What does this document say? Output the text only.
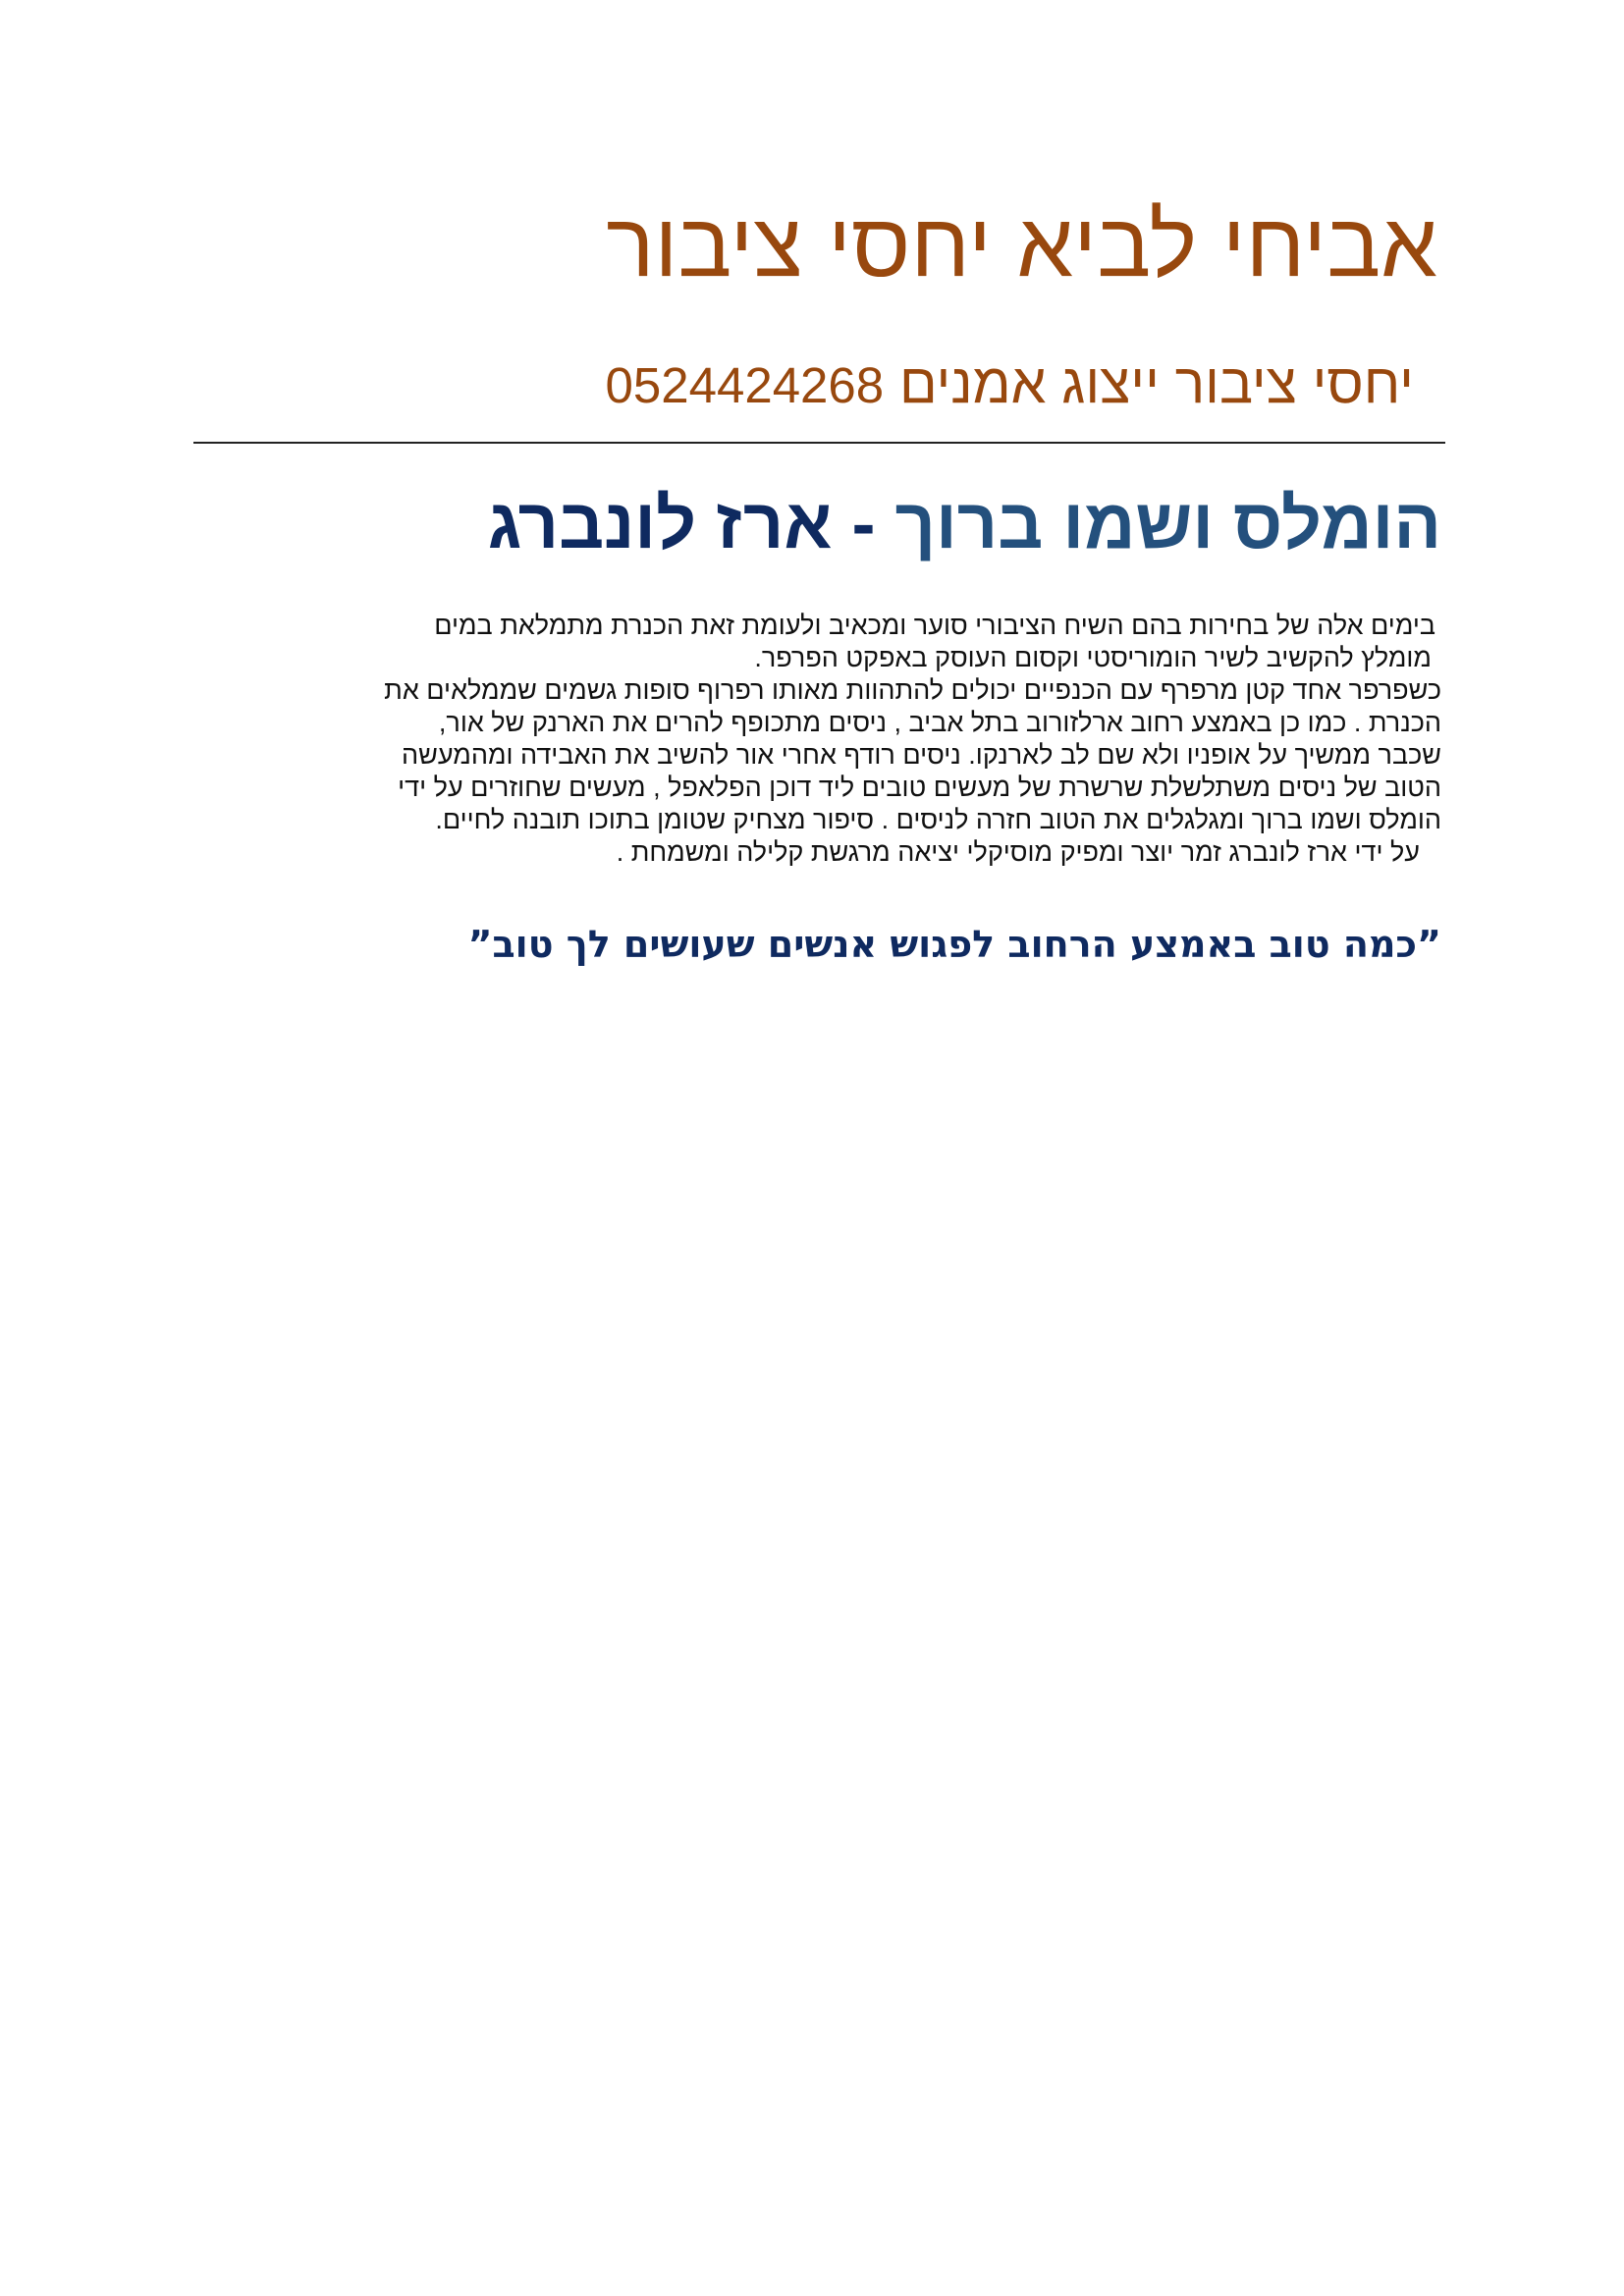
אביחי לביא יחסי ציבור
יחסי ציבור ייצוג אמנים 0524424268
הומלס ושמו ברוך - ארז לונברג
בימים אלה של בחירות בהם השיח הציבורי סוער ומכאיב ולעומת זאת הכנרת מתמלאת במים
מומלץ להקשיב לשיר הומוריסטי וקסום העוסק באפקט הפרפר.
כשפרפר אחד קטן מרפרף עם הכנפיים יכולים להתהוות מאותו רפרוף סופות גשמים שממלאים את
הכנרת . כמו כן באמצע רחוב ארלזורוב בתל אביב , ניסים מתכופף להרים את הארנק של אור,
שכבר ממשיך על אופניו ולא שם לב לארנקו. ניסים רודף אחרי אור להשיב את האבידה ומהמעשה
הטוב של ניסים משתלשלת שרשרת של מעשים טובים ליד דוכן הפלאפל , מעשים שחוזרים על ידי
הומלס ושמו ברוך ומגלגלים את הטוב חזרה לניסים . סיפור מצחיק שטומן בתוכו תובנה לחיים.
על ידי ארז לונברג זמר יוצר ומפיק מוסיקלי יציאה מרגשת קלילה ומשמחת .
”כמה טוב באמצע הרחוב לפגוש אנשים שעושים לך טוב”
